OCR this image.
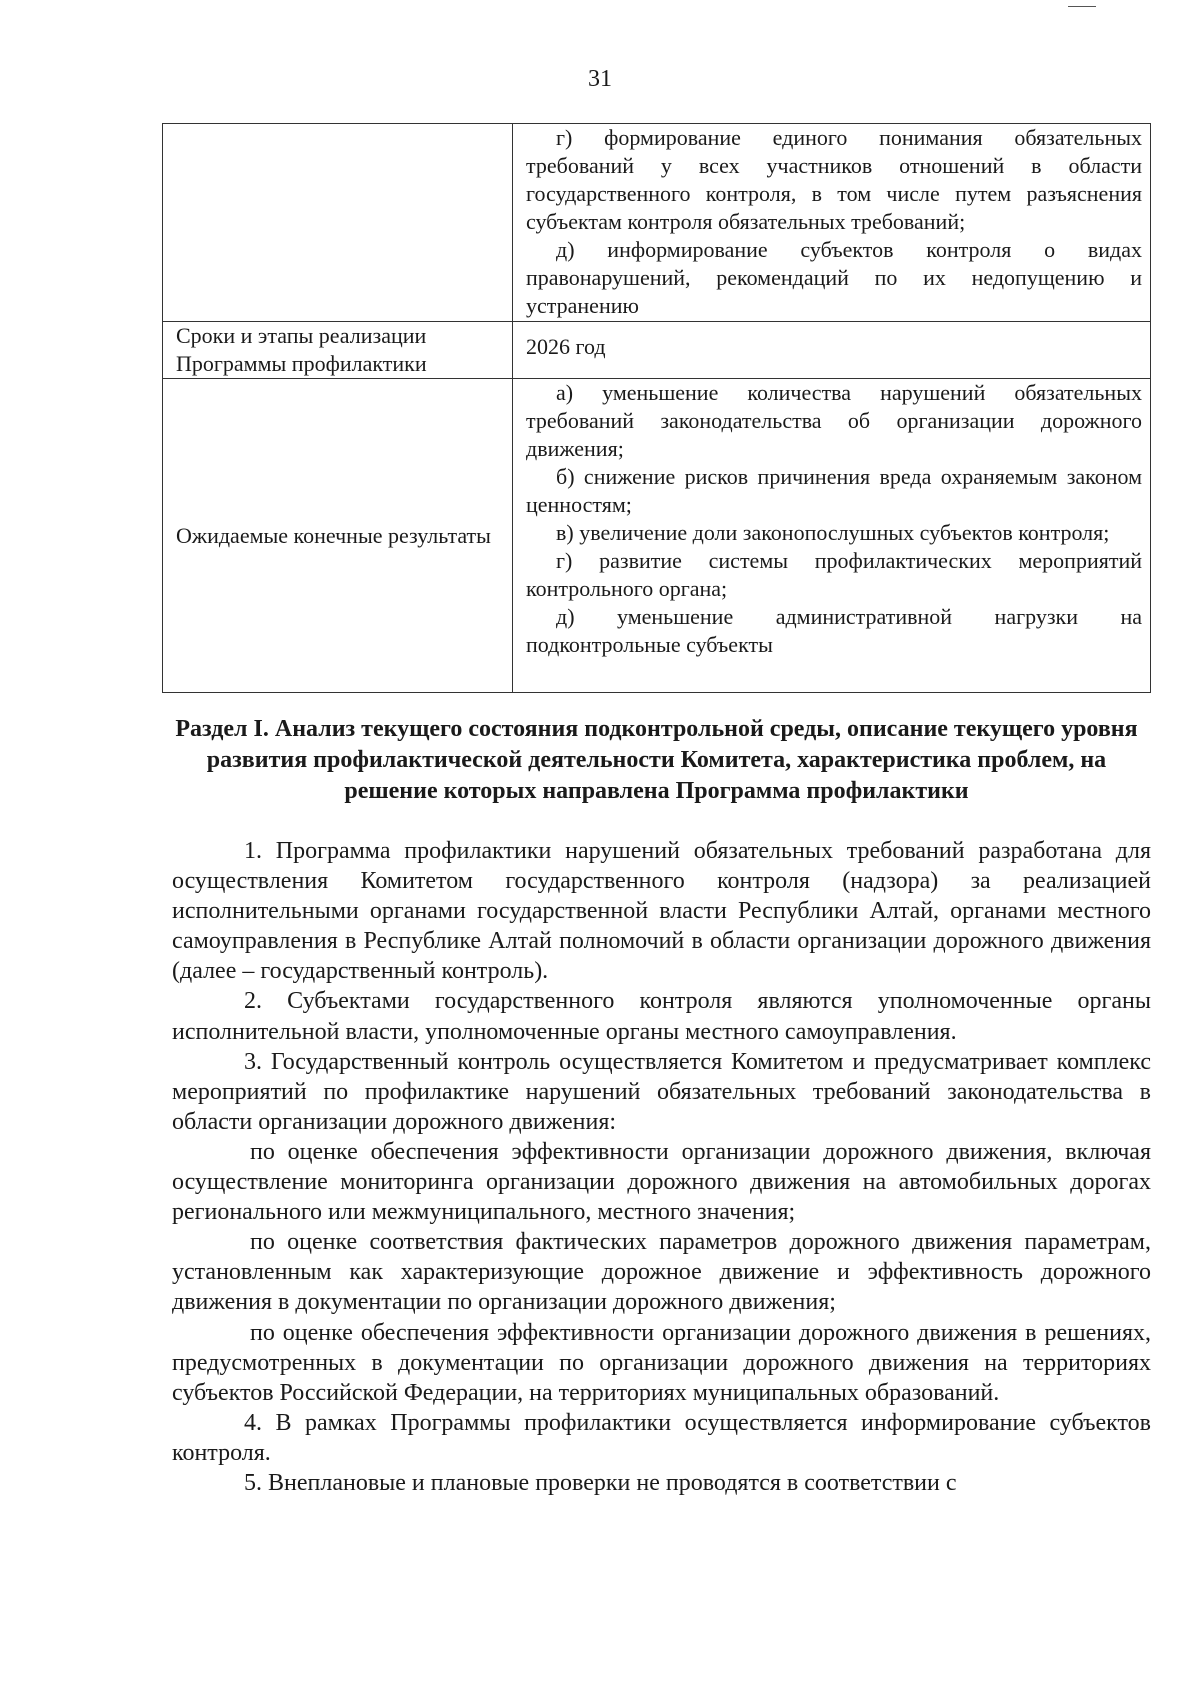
31

	г) формирование единого понимания обязательных требований у всех участников отношений в области государственного контроля, в том числе путем разъяснения субъектам контроля обязательных требований;

д) информирование субъектов контроля о видах правонарушений, рекомендаций по их недопущению и устранению

Сроки и этапы реализации Программы профилактики	2026 год

Ожидаемые конечные результаты	а) уменьшение количества нарушений обязательных требований законодательства об организации дорожного движения;

б) снижение рисков причинения вреда охраняемым законом ценностям;

в) увеличение доли законопослушных субъектов контроля;

г) развитие системы профилактических мероприятий контрольного органа;

д) уменьшение административной нагрузки на подконтрольные субъекты

Раздел I. Анализ текущего состояния подконтрольной среды, описание текущего уровня развития профилактической деятельности Комитета, характеристика проблем, на решение которых направлена Программа профилактики

1. Программа профилактики нарушений обязательных требований разработана для осуществления Комитетом государственного контроля (надзора) за реализацией исполнительными органами государственной власти Республики Алтай, органами местного самоуправления в Республике Алтай полномочий в области организации дорожного движения (далее – государственный контроль).

2. Субъектами государственного контроля являются уполномоченные органы исполнительной власти, уполномоченные органы местного самоуправления.

3. Государственный контроль осуществляется Комитетом и предусматривает комплекс мероприятий по профилактике нарушений обязательных требований законодательства в области организации дорожного движения:

по оценке обеспечения эффективности организации дорожного движения, включая осуществление мониторинга организации дорожного движения на автомобильных дорогах регионального или межмуниципального, местного значения;

по оценке соответствия фактических параметров дорожного движения параметрам, установленным как характеризующие дорожное движение и эффективность дорожного движения в документации по организации дорожного движения;

по оценке обеспечения эффективности организации дорожного движения в решениях, предусмотренных в документации по организации дорожного движения на территориях субъектов Российской Федерации, на территориях муниципальных образований.

4. В рамках Программы профилактики осуществляется информирование субъектов контроля.

5. Внеплановые и плановые проверки не проводятся в соответствии с
